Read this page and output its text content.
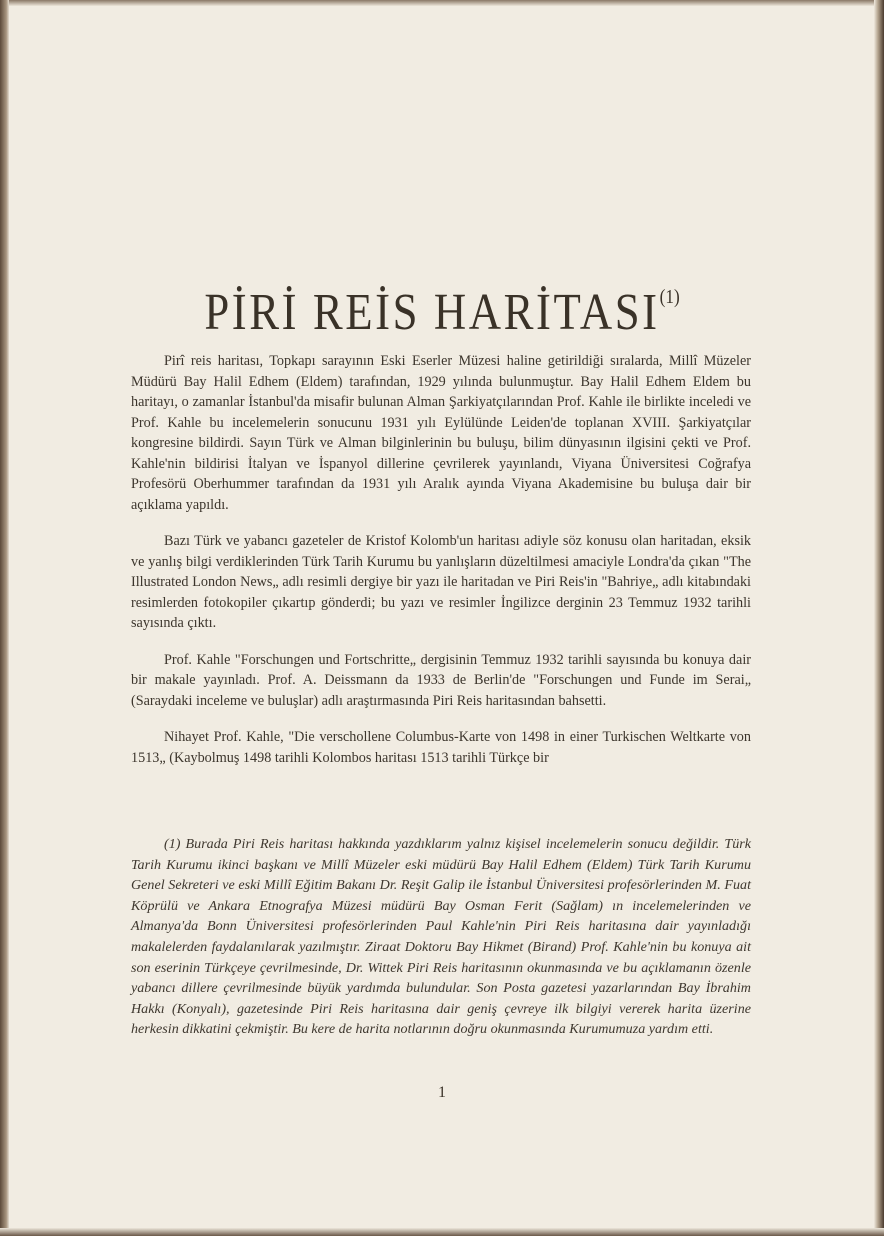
PİRİ REİS HARİTASI$^{(1)}$

Pirî reis haritası, Topkapı sarayının Eski Eserler Müzesi haline getirildiği sıralarda, Millî Müzeler Müdürü Bay Halil Edhem (Eldem) tarafından, 1929 yılında bulunmuştur. Bay Halil Edhem Eldem bu haritayı, o zamanlar İstanbul'da misafir bulunan Alman Şarkiyatçılarından Prof. Kahle ile birlikte inceledi ve Prof. Kahle bu incelemelerin sonucunu 1931 yılı Eylülünde Leiden'de toplanan XVIII. Şarkiyatçılar kongresine bildirdi. Sayın Türk ve Alman bilginlerinin bu buluşu, bilim dünyasının ilgisini çekti ve Prof. Kahle'nin bildirisi İtalyan ve İspanyol dillerine çevrilerek yayınlandı, Viyana Üniversitesi Coğrafya Profesörü Oberhummer tarafından da 1931 yılı Aralık ayında Viyana Akademisine bu buluşa dair bir açıklama yapıldı.

Bazı Türk ve yabancı gazeteler de Kristof Kolomb'un haritası adiyle söz konusu olan haritadan, eksik ve yanlış bilgi verdiklerinden Türk Tarih Kurumu bu yanlışların düzeltilmesi amaciyle Londra'da çıkan "The Illustrated London News„ adlı resimli dergiye bir yazı ile haritadan ve Piri Reis'in "Bahriye„ adlı kitabındaki resimlerden fotokopiler çıkartıp gönderdi; bu yazı ve resimler İngilizce derginin 23 Temmuz 1932 tarihli sayısında çıktı.

Prof. Kahle "Forschungen und Fortschritte„ dergisinin Temmuz 1932 tarihli sayısında bu konuya dair bir makale yayınladı. Prof. A. Deissmann da 1933 de Berlin'de "Forschungen und Funde im Serai„ (Saraydaki inceleme ve buluşlar) adlı araştırmasında Piri Reis haritasından bahsetti.

Nihayet Prof. Kahle, "Die verschollene Columbus-Karte von 1498 in einer Turkischen Weltkarte von 1513„ (Kaybolmuş 1498 tarihli Kolombos haritası 1513 tarihli Türkçe bir

(1) Burada Piri Reis haritası hakkında yazdıklarım yalnız kişisel incelemelerin sonucu değildir. Türk Tarih Kurumu ikinci başkanı ve Millî Müzeler eski müdürü Bay Halil Edhem (Eldem) Türk Tarih Kurumu Genel Sekreteri ve eski Millî Eğitim Bakanı Dr. Reşit Galip ile İstanbul Üniversitesi profesörlerinden M. Fuat Köprülü ve Ankara Etnografya Müzesi müdürü Bay Osman Ferit (Sağlam) ın incelemelerinden ve Almanya'da Bonn Üniversitesi profesörlerinden Paul Kahle'nin Piri Reis haritasına dair yayınladığı makalelerden faydalanılarak yazılmıştır. Ziraat Doktoru Bay Hikmet (Birand) Prof. Kahle'nin bu konuya ait son eserinin Türkçeye çevrilmesinde, Dr. Wittek Piri Reis haritasının okunmasında ve bu açıklamanın özenle yabancı dillere çevrilmesinde büyük yardımda bulundular. Son Posta gazetesi yazarlarından Bay İbrahim Hakkı (Konyalı), gazetesinde Piri Reis haritasına dair geniş çevreye ilk bilgiyi vererek harita üzerine herkesin dikkatini çekmiştir. Bu kere de harita notlarının doğru okunmasında Kurumumuza yardım etti.

1
